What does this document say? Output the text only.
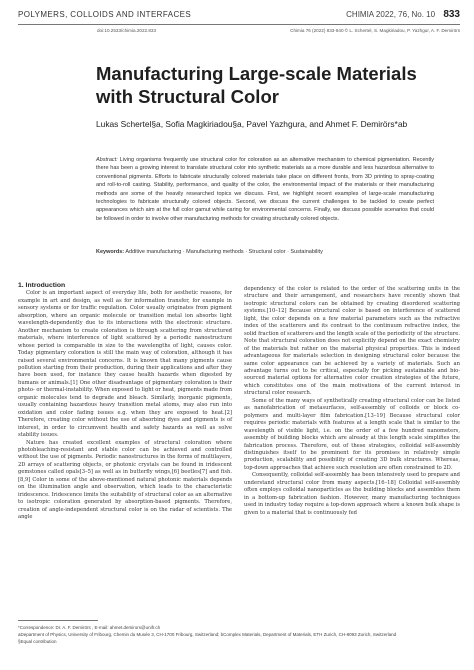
POLYMERS, COLLOIDS AND INTERFACES	CHIMIA 2022, 76, No. 10 833
doi:10.2533/chimia.2022.833	Chimia 76 (2022) 833-840 © L. Schertel, S. Magkiriadou, P. Yazhgur, A. F. Demirörs
Manufacturing Large-scale Materials with Structural Color
Lukas Schertel§a, Sofia Magkiriadou§a, Pavel Yazhgura, and Ahmet F. Demirörs*ab
Abstract: Living organisms frequently use structural color for coloration as an alternative mechanism to chemical pigmentation. Recently there has been a growing interest to translate structural color into synthetic materials as a more durable and less hazardous alternative to conventional pigments. Efforts to fabricate structurally colored materials take place on different fronts, from 3D printing to spray-coating and roll-to-roll casting. Stability, performance, and quality of the color, the environmental impact of the materials or their manufacturing methods are some of the heavily researched topics we discuss. First, we highlight recent examples of large-scale manufacturing technologies to fabricate structurally colored objects. Second, we discuss the current challenges to be tackled to create perfect appearances which aim at the full color gamut while caring for environmental concerns. Finally, we discuss possible scenarios that could be followed in order to involve other manufacturing methods for creating structurally colored objects.
Keywords: Additive manufacturing · Manufacturing methods · Structural color · Sustainability
1. Introduction

Color is an important aspect of everyday life, both for aesthetic reasons, for example in art and design, as well as for information transfer, for example in sensory systems or for traffic regulation. Color usually originates from pigment absorption, where an organic molecule or transition metal ion absorbs light wavelength-dependently due to its interactions with the electronic structure. Another mechanism to create coloration is through scattering from structured materials, where interference of light scattered by a periodic nanostructure whose period is comparable in size to the wavelengths of light, causes color. Today pigmentary coloration is still the main way of coloration, although it has raised several environmental concerns. It is known that many pigments cause pollution starting from their production, during their applications and after they have been used, for instance they cause health hazards when digested by humans or animals.[1] One other disadvantage of pigmentary coloration is their photo- or thermal-instability. When exposed to light or heat, pigments made from organic molecules tend to degrade and bleach. Similarly, inorganic pigments, usually containing hazardous heavy transition metal atoms, may also run into oxidation and color fading issues e.g. when they are exposed to heat.[2] Therefore, creating color without the use of absorbing dyes and pigments is of interest, in order to circumvent health and safety hazards as well as solve stability issues.

Nature has created excellent examples of structural coloration where photobleaching-resistant and stable color can be achieved and controlled without the use of pigments. Periodic nanostructures in the forms of multilayers, 2D arrays of scattering objects, or photonic crystals can be found in iridescent gemstones called opals[3–5] as well as in butterfly wings,[6] beetles[7] and fish.[8,9] Color in some of the above-mentioned natural photonic materials depends on the illumination angle and observation, which leads to the characteristic iridescence. Iridescence limits the suitability of structural color as an alternative to isotropic coloration generated by absorption-based pigments. Therefore, creation of angle-independent structural color is on the radar of scientists. The angle

dependency of the color is related to the order of the scattering units in the structure and their arrangement, and researchers have recently shown that isotropic structural colors can be obtained by creating disordered scattering systems.[10–12] Because structural color is based on interference of scattered light, the color depends on a few material parameters such as the refractive index of the scatterers and its contrast to the continuum refractive index, the solid fraction of scatterers and the length scale of the periodicity of the structure. Note that structural coloration does not explicitly depend on the exact chemistry of the materials but rather on the material physical properties. This is indeed advantageous for materials selection in designing structural color because the same color appearance can be achieved by a variety of materials. Such an advantage turns out to be critical, especially for picking sustainable and bio-sourced material options for alternative color creation strategies of the future, which constitutes one of the main motivations of the current interest in structural color research.

Some of the many ways of synthetically creating structural color can be listed as nanofabrication of metasurfaces, self-assembly of colloids or block co-polymers and multi-layer film fabrication.[13–19] Because structural color requires periodic materials with features at a length scale that is similar to the wavelength of visible light, i.e. on the order of a few hundred nanometers, assembly of building blocks which are already at this length scale simplifies the fabrication process. Therefore, out of these strategies, colloidal self-assembly distinguishes itself to be prominent for its promises in relatively simple production, scalability and possibility of creating 3D bulk structures. Whereas, top-down approaches that achieve such resolution are often constrained to 2D.

Consequently, colloidal self-assembly has been intensively used to prepare and understand structural color from many aspects.[16–18] Colloidal self-assembly often employs colloidal nanoparticles as the building blocks and assembles them in a bottom-up fabrication fashion. However, many manufacturing techniques used in industry today require a top-down approach where a known bulk shape is given to a material that is continuously fed

*Correspondence: Dr. A. F. Demirörs , E-mail: ahmet.demirors@unifr.ch
aDepartment of Physics, University of Fribourg, Chemin du Musée 3, CH-1700 Fribourg, Switzerland; bComplex Materials, Department of Materials, ETH Zurich, CH-8093 Zurich, Switzerland
§Equal contribution
